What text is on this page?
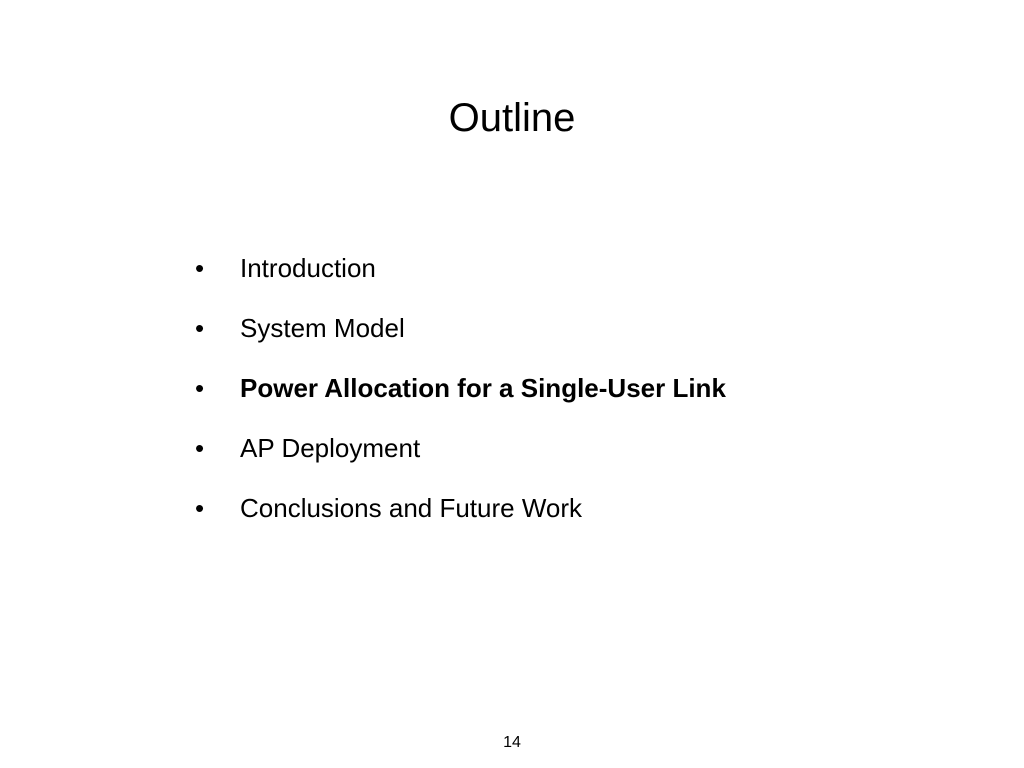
Outline
• Introduction
• System Model
• Power Allocation for a Single-User Link
• AP Deployment
• Conclusions and Future Work
14
